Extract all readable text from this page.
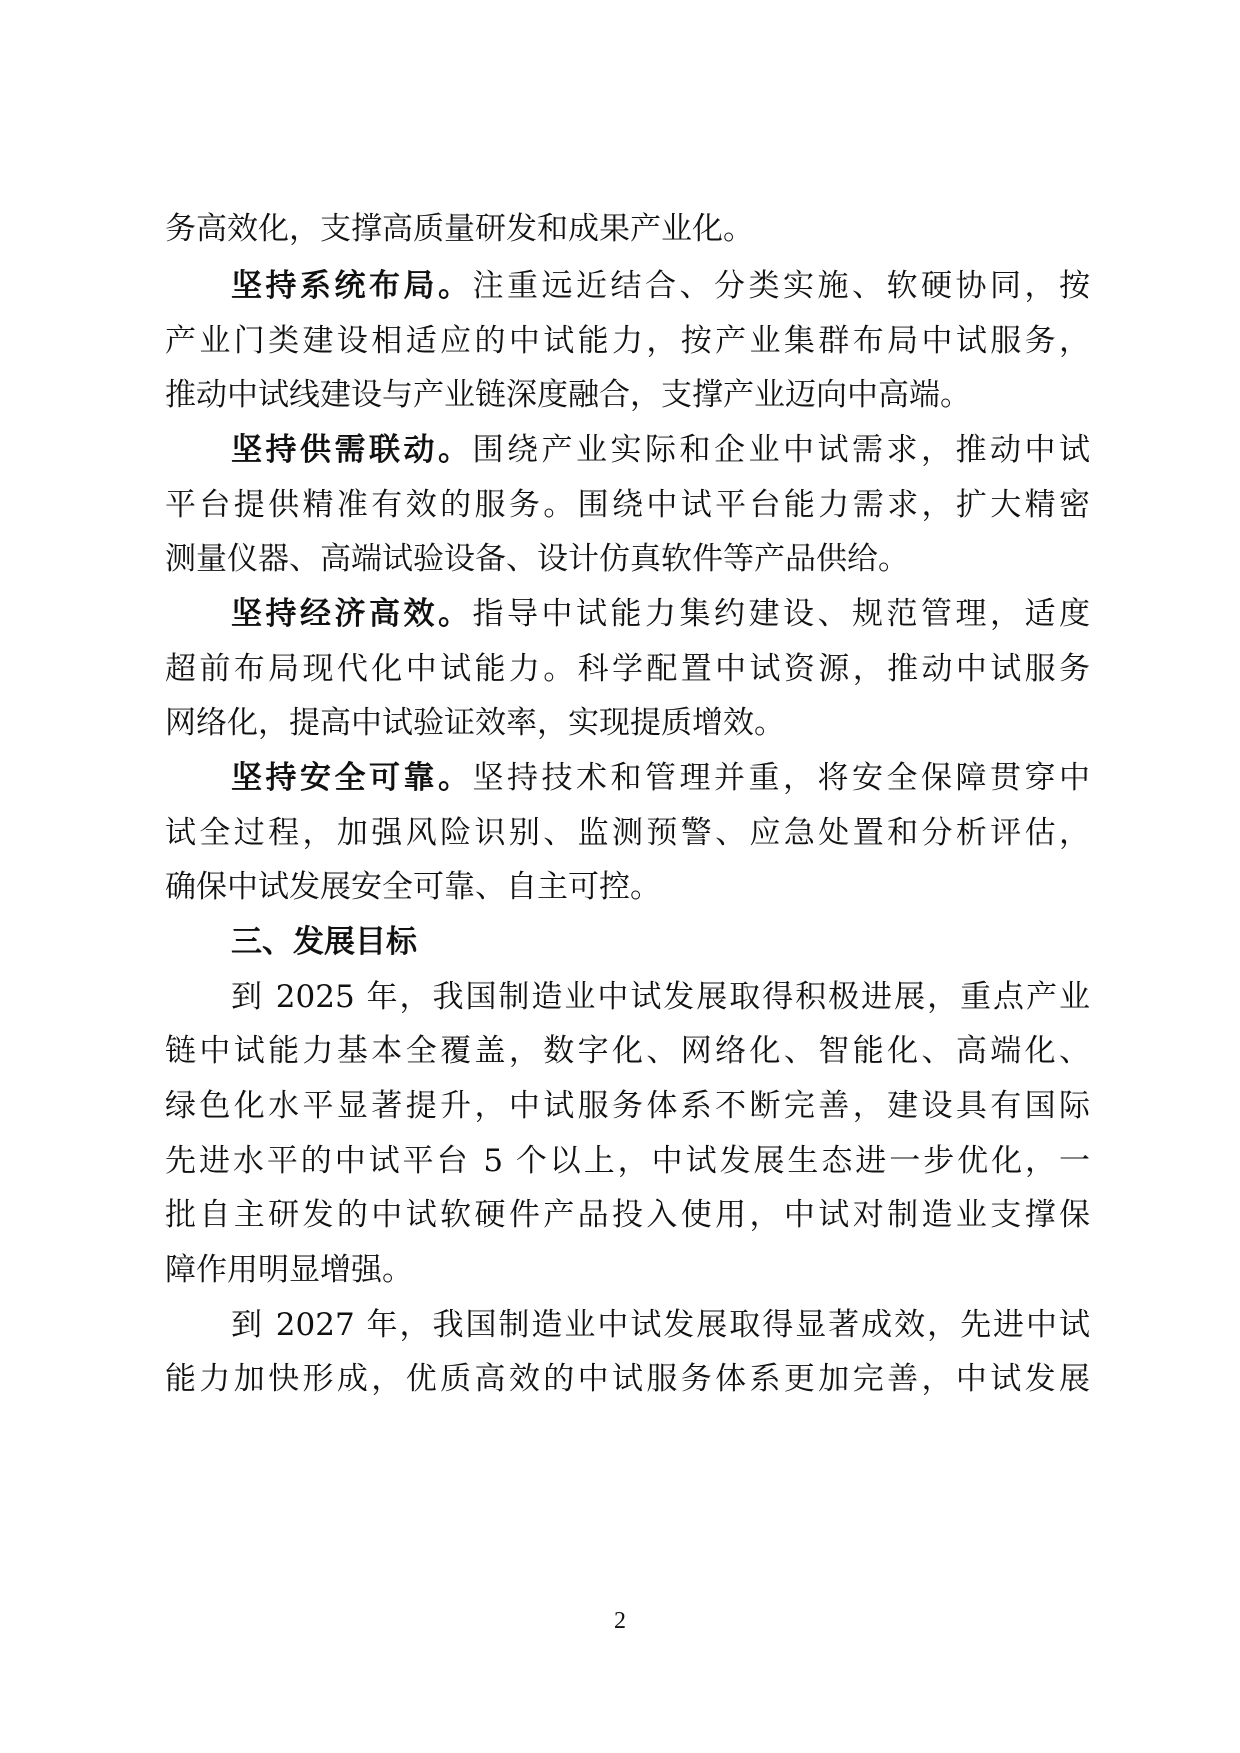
务高效化，支撑高质量研发和成果产业化。
坚持系统布局。注重远近结合、分类实施、软硬协同，按
产业门类建设相适应的中试能力，按产业集群布局中试服务，
推动中试线建设与产业链深度融合，支撑产业迈向中高端。
坚持供需联动。围绕产业实际和企业中试需求，推动中试
平台提供精准有效的服务。围绕中试平台能力需求，扩大精密
测量仪器、高端试验设备、设计仿真软件等产品供给。
坚持经济高效。指导中试能力集约建设、规范管理，适度
超前布局现代化中试能力。科学配置中试资源，推动中试服务
网络化，提高中试验证效率，实现提质增效。
坚持安全可靠。坚持技术和管理并重，将安全保障贯穿中
试全过程，加强风险识别、监测预警、应急处置和分析评估，
确保中试发展安全可靠、自主可控。
三、发展目标
到 2025 年，我国制造业中试发展取得积极进展，重点产业
链中试能力基本全覆盖，数字化、网络化、智能化、高端化、
绿色化水平显著提升，中试服务体系不断完善，建设具有国际
先进水平的中试平台 5 个以上，中试发展生态进一步优化，一
批自主研发的中试软硬件产品投入使用，中试对制造业支撑保
障作用明显增强。
到 2027 年，我国制造业中试发展取得显著成效，先进中试
能力加快形成，优质高效的中试服务体系更加完善，中试发展
2
